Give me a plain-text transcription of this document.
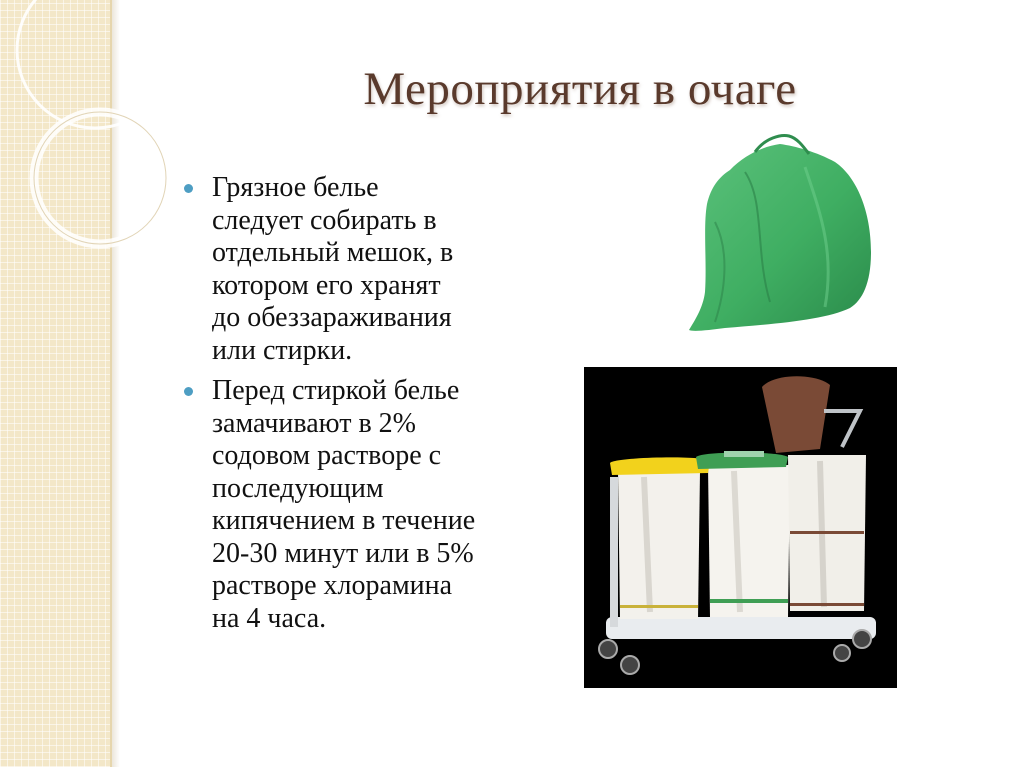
Мероприятия в очаге
Грязное белье
следует собирать в
отдельный мешок, в
котором его хранят
до обеззараживания
или стирки.
Перед стиркой белье
замачивают в 2%
содовом растворе с
последующим
кипячением в течение
20-30 минут или в 5%
растворе хлорамина
на 4 часа.
